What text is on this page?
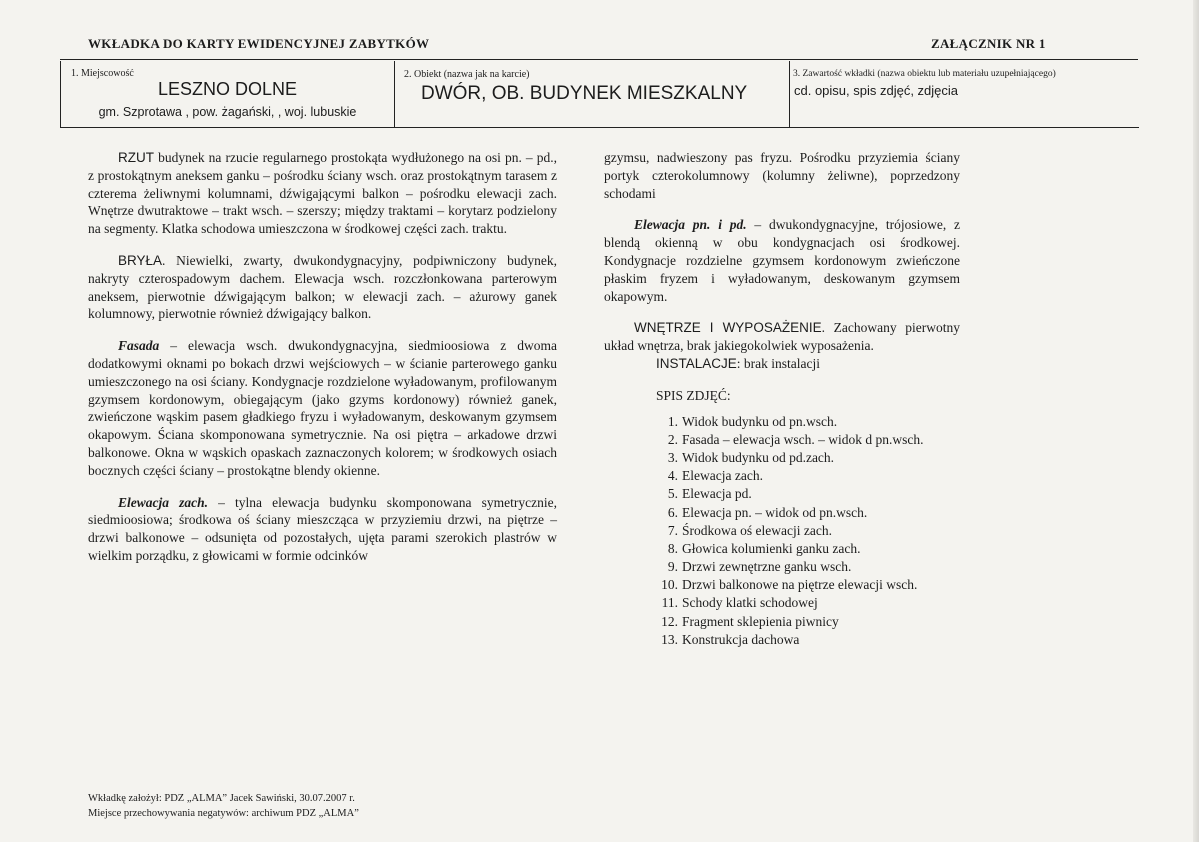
WKŁADKA DO KARTY EWIDENCYJNEJ ZABYTKÓW	ZAŁĄCZNIK NR 1
1. Miejscowość
LESZNO DOLNE
gm. Szprotawa , pow. żagański, , woj. lubuskie
2. Obiekt (nazwa jak na karcie)
DWÓR, OB. BUDYNEK MIESZKALNY
3. Zawartość wkładki (nazwa obiektu lub materiału uzupełniającego)
cd. opisu, spis zdjęć, zdjęcia

RZUT budynek na rzucie regularnego prostokąta wydłużonego na osi pn. – pd., z prostokątnym aneksem ganku – pośrodku ściany wsch. oraz prostokątnym tarasem z czterema żeliwnymi kolumnami, dźwigającymi balkon – pośrodku elewacji zach. Wnętrze dwutraktowe – trakt wsch. – szerszy; między traktami – korytarz podzielony na segmenty. Klatka schodowa umieszczona w środkowej części zach. traktu.

BRYŁA. Niewielki, zwarty, dwukondygnacyjny, podpiwniczony budynek, nakryty czterospadowym dachem. Elewacja wsch. rozczłonkowana parterowym aneksem, pierwotnie dźwigającym balkon; w elewacji zach. – ażurowy ganek kolumnowy, pierwotnie również dźwigający balkon.

Fasada – elewacja wsch. dwukondygnacyjna, siedmioosiowa z dwoma dodatkowymi oknami po bokach drzwi wejściowych – w ścianie parterowego ganku umieszczonego na osi ściany. Kondygnacje rozdzielone wyładowanym, profilowanym gzymsem kordonowym, obiegającym (jako gzyms kordonowy) również ganek, zwieńczone wąskim pasem gładkiego fryzu i wyładowanym, deskowanym gzymsem okapowym. Ściana skomponowana symetrycznie. Na osi piętra – arkadowe drzwi balkonowe. Okna w wąskich opaskach zaznaczonych kolorem; w środkowych osiach bocznych części ściany – prostokątne blendy okienne.

Elewacja zach. – tylna elewacja budynku skomponowana symetrycznie, siedmioosiowa; środkowa oś ściany mieszcząca w przyziemiu drzwi, na piętrze – drzwi balkonowe – odsunięta od pozostałych, ujęta parami szerokich plastrów w wielkim porządku, z głowicami w formie odcinków

gzymsu, nadwieszony pas fryzu. Pośrodku przyziemia ściany portyk czterokolumnowy (kolumny żeliwne), poprzedzony schodami

Elewacja pn. i pd. – dwukondygnacyjne, trójosiowe, z blendą okienną w obu kondygnacjach osi środkowej. Kondygnacje rozdzielne gzymsem kordonowym zwieńczone płaskim fryzem i wyładowanym, deskowanym gzymsem okapowym.

WNĘTRZE I WYPOSAŻENIE. Zachowany pierwotny układ wnętrza, brak jakiegokolwiek wyposażenia.

INSTALACJE: brak instalacji

SPIS ZDJĘĆ:
1. Widok budynku od pn.wsch.
2. Fasada – elewacja wsch. – widok d pn.wsch.
3. Widok budynku od pd.zach.
4. Elewacja zach.
5. Elewacja pd.
6. Elewacja pn. – widok od pn.wsch.
7. Środkowa oś elewacji zach.
8. Głowica kolumienki ganku zach.
9. Drzwi zewnętrzne ganku wsch.
10. Drzwi balkonowe na piętrze elewacji wsch.
11. Schody klatki schodowej
12. Fragment sklepienia piwnicy
13. Konstrukcja dachowa
Wkładkę założył: PDZ „ALMA” Jacek Sawiński, 30.07.2007 r.
Miejsce przechowywania negatywów: archiwum PDZ „ALMA”
